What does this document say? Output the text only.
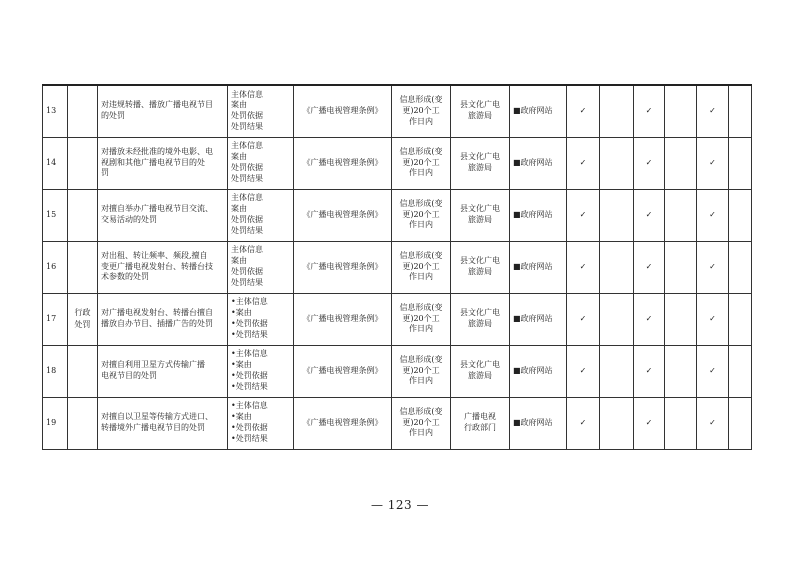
13		对违规转播、播放广播电视节目
的处罚	主体信息
案由
处罚依据
处罚结果	《广播电视管理条例》	信息形成(变
更)20个工
作日内	县文化广电
旅游局	■政府网站	✓		✓		✓	
14		对播放未经批准的境外电影、电
视剧和其他广播电视节目的处
罚	主体信息
案由
处罚依据
处罚结果	《广播电视管理条例》	信息形成(变
更)20个工
作日内	县文化广电
旅游局	■政府网站	✓		✓		✓	
15		对擅自举办广播电视节目交流、
交易活动的处罚	主体信息
案由
处罚依据
处罚结果	《广播电视管理条例》	信息形成(变
更)20个工
作日内	县文化广电
旅游局	■政府网站	✓		✓		✓	
16		对出租、转让频率、频段,擅自
变更广播电视发射台、转播台技
术参数的处罚	主体信息
案由
处罚依据
处罚结果	《广播电视管理条例》	信息形成(变
更)20个工
作日内	县文化广电
旅游局	■政府网站	✓		✓		✓	
17	行政处罚	对广播电视发射台、转播台擅自
播放自办节目、插播广告的处罚	•主体信息
•案由
•处罚依据
•处罚结果	《广播电视管理条例》	信息形成(变
更)20个工
作日内	县文化广电
旅游局	■政府网站	✓		✓		✓	
18		对擅自利用卫星方式传输广播
电视节目的处罚	•主体信息
•案由
•处罚依据
•处罚结果	《广播电视管理条例》	信息形成(变
更)20个工
作日内	县文化广电
旅游局	■政府网站	✓		✓		✓	
19		对擅自以卫星等传输方式进口、
转播境外广播电视节目的处罚	•主体信息
•案由
•处罚依据
•处罚结果	《广播电视管理条例》	信息形成(变
更)20个工
作日内	广播电视
行政部门	■政府网站	✓		✓		✓	
— 123 —
